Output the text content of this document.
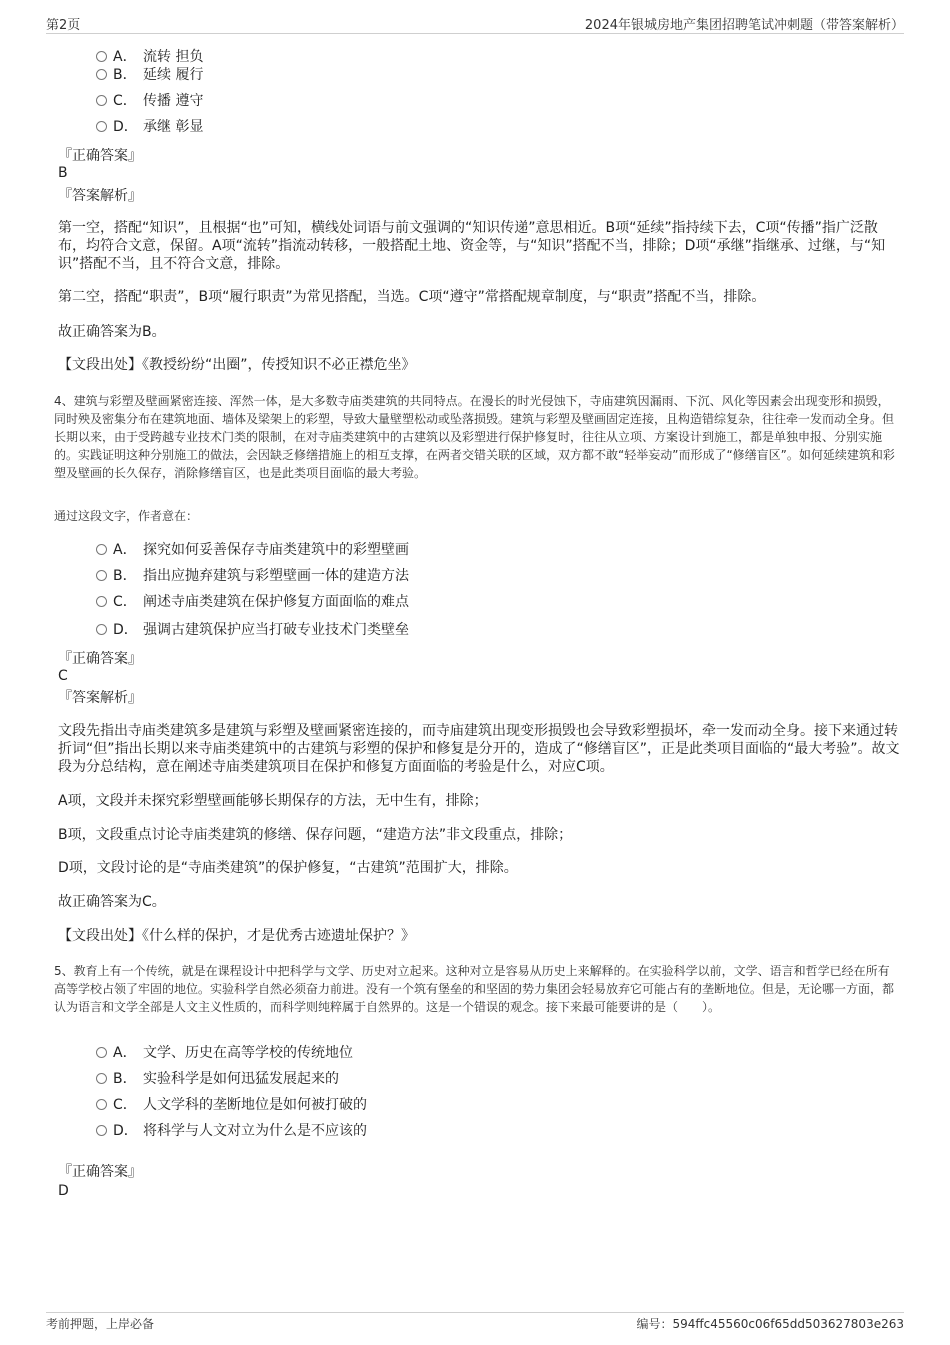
第2页	2024年银城房地产集团招聘笔试冲刺题（带答案解析）
A． 流转 担负
B． 延续 履行
C． 传播 遵守
D． 承继 彰显
『正确答案』
B
『答案解析』
第一空，搭配“知识”，且根据“也”可知，横线处词语与前文强调的“知识传递”意思相近。B项“延续”指持续下去，C项“传播”指广泛散布，均符合文意，保留。A项“流转”指流动转移，一般搭配土地、资金等，与“知识”搭配不当，排除；D项“承继”指继承、过继，与“知识”搭配不当，且不符合文意，排除。
第二空，搭配“职责”，B项“履行职责”为常见搭配，当选。C项“遵守”常搭配规章制度，与“职责”搭配不当，排除。
故正确答案为B。
【文段出处】《教授纷纷“出圈”，传授知识不必正襟危坐》
4、建筑与彩塑及壁画紧密连接、浑然一体，是大多数寺庙类建筑的共同特点。在漫长的时光侵蚀下，寺庙建筑因漏雨、下沉、风化等因素会出现变形和损毁，同时殃及密集分布在建筑地面、墙体及梁架上的彩塑，导致大量壁塑松动或坠落损毁。建筑与彩塑及壁画固定连接，且构造错综复杂，往往牵一发而动全身。但长期以来，由于受跨越专业技术门类的限制，在对寺庙类建筑中的古建筑以及彩塑进行保护修复时，往往从立项、方案设计到施工，都是单独申报、分别实施的。实践证明这种分别施工的做法，会因缺乏修缮措施上的相互支撑，在两者交错关联的区域，双方都不敢“轻举妄动”而形成了“修缮盲区”。如何延续建筑和彩塑及壁画的长久保存，消除修缮盲区，也是此类项目面临的最大考验。
通过这段文字，作者意在：
A． 探究如何妥善保存寺庙类建筑中的彩塑壁画
B． 指出应抛弃建筑与彩塑壁画一体的建造方法
C． 阐述寺庙类建筑在保护修复方面面临的难点
D． 强调古建筑保护应当打破专业技术门类壁垒
『正确答案』
C
『答案解析』
文段先指出寺庙类建筑多是建筑与彩塑及壁画紧密连接的，而寺庙建筑出现变形损毁也会导致彩塑损坏，牵一发而动全身。接下来通过转折词“但”指出长期以来寺庙类建筑中的古建筑与彩塑的保护和修复是分开的，造成了“修缮盲区”，正是此类项目面临的“最大考验”。故文段为分总结构，意在阐述寺庙类建筑项目在保护和修复方面面临的考验是什么，对应C项。
A项，文段并未探究彩塑壁画能够长期保存的方法，无中生有，排除；
B项，文段重点讨论寺庙类建筑的修缮、保存问题，“建造方法”非文段重点，排除；
D项，文段讨论的是“寺庙类建筑”的保护修复，“古建筑”范围扩大，排除。
故正确答案为C。
【文段出处】《什么样的保护，才是优秀古迹遗址保护？》
5、教育上有一个传统，就是在课程设计中把科学与文学、历史对立起来。这种对立是容易从历史上来解释的。在实验科学以前，文学、语言和哲学已经在所有高等学校占领了牢固的地位。实验科学自然必须奋力前进。没有一个筑有堡垒的和坚固的势力集团会轻易放弃它可能占有的垄断地位。但是，无论哪一方面，都认为语言和文学全部是人文主义性质的，而科学则纯粹属于自然界的。这是一个错误的观念。接下来最可能要讲的是（　　）。
A． 文学、历史在高等学校的传统地位
B． 实验科学是如何迅猛发展起来的
C． 人文学科的垄断地位是如何被打破的
D． 将科学与人文对立为什么是不应该的
『正确答案』
D
考前押题，上岸必备	编号：594ffc45560c06f65dd503627803e263
